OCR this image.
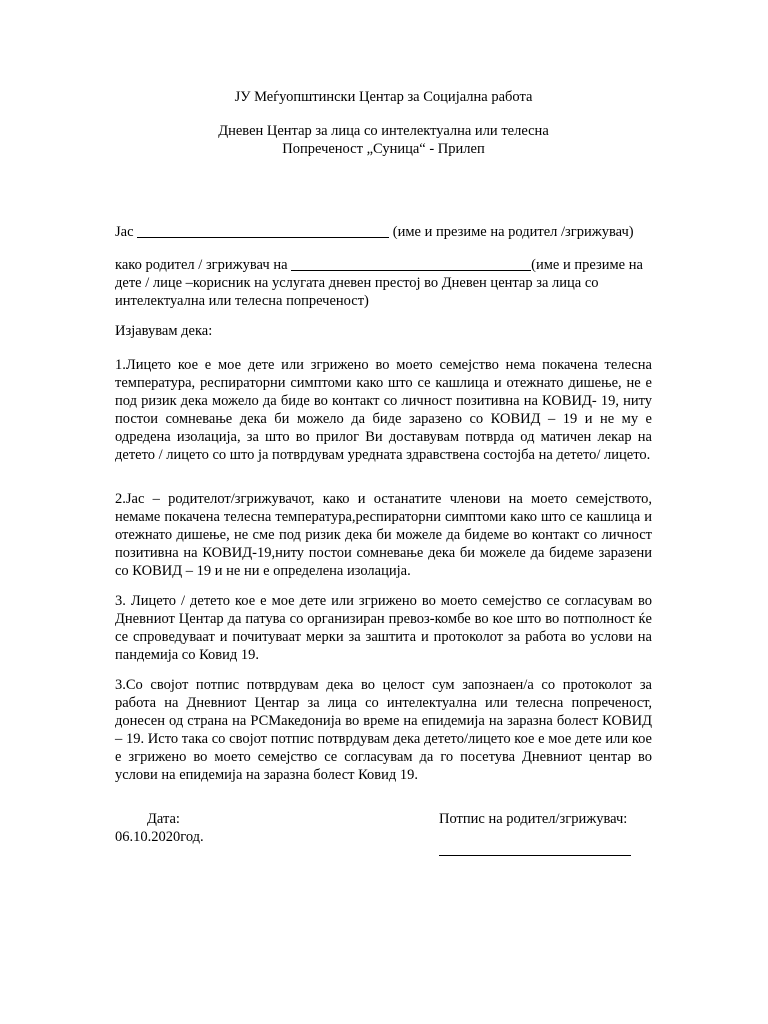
ЈУ Меѓуопштински Центар за Социјална работа
Дневен Центар за лица со интелектуална или телесна
Попреченост „Суница“ - Прилеп
Јас	(име и презиме на родител /згрижувач)
како родител / згрижувач на	(име и презиме на дете / лице –корисник на услугата дневен престој во Дневен центар за лица со интелектуална или телесна попреченост)
Изјавувам дека:
1.Лицето кое е мое дете или згрижено во моето семејство нема покачена телесна температура, респираторни симптоми како што се кашлица и отежнато дишење, не е под ризик дека можело да биде во контакт со личност позитивна на КОВИД- 19, ниту постои сомневање дека би можело да биде заразено со КОВИД – 19 и не му е одредена изолација, за што во прилог Ви доставувам потврда од матичен лекар на детето / лицето со што ја потврдувам уредната здравствена состојба на детето/ лицето.
2.Јас – родителот/згрижувачот, како и останатите членови на моето семејството, немаме покачена телесна температура,респираторни симптоми како што се кашлица и отежнато дишење, не сме под ризик дека би можеле да бидеме во контакт со личност позитивна на КОВИД-19,ниту постои сомневање дека би можеле да бидеме заразени со КОВИД – 19 и не ни е определена изолација.
3. Лицето / детето кое е мое дете или згрижено во моето семејство се согласувам во Дневниот Центар да патува со организиран превоз-комбе во кое што во потполност ќе се спроведуваат и почитуваат мерки за заштита и протоколот за работа во услови на пандемија со Ковид 19.
3.Со својот потпис потврдувам дека во целост сум запознаен/а со протоколот за работа на Дневниот Центар за лица со интелектуална или телесна попреченост, донесен од страна на РСМакедонија во време на епидемија на заразна болест КОВИД – 19. Исто така со својот потпис потврдувам дека детето/лицето кое е мое дете или кое е згрижено во моето семејство се согласувам да го посетува Дневниот центар во услови на епидемија на заразна болест Ковид 19.
Дата:
06.10.2020год.
Потпис на родител/згрижувач:
